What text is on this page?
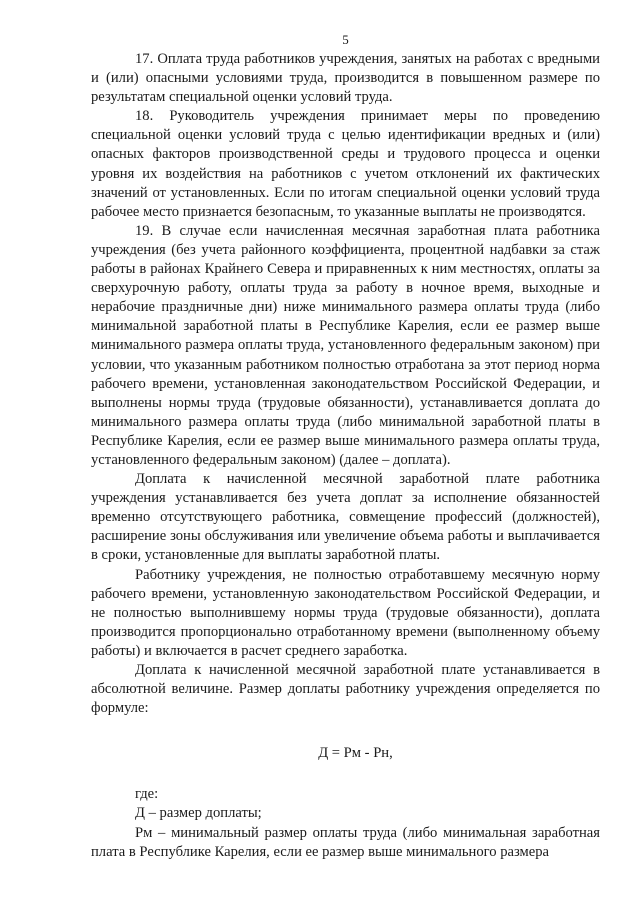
5

17. Оплата труда работников учреждения, занятых на работах с вредными и (или) опасными условиями труда, производится в повышенном размере по результатам специальной оценки условий труда.

18. Руководитель учреждения принимает меры по проведению специальной оценки условий труда с целью идентификации вредных и (или) опасных факторов производственной среды и трудового процесса и оценки уровня их воздействия на работников с учетом отклонений их фактических значений от установленных. Если по итогам специальной оценки условий труда рабочее место признается безопасным, то указанные выплаты не производятся.

19. В случае если начисленная месячная заработная плата работника учреждения (без учета районного коэффициента, процентной надбавки за стаж работы в районах Крайнего Севера и приравненных к ним местностях, оплаты за сверхурочную работу, оплаты труда за работу в ночное время, выходные и нерабочие праздничные дни) ниже минимального размера оплаты труда (либо минимальной заработной платы в Республике Карелия, если ее размер выше минимального размера оплаты труда, установленного федеральным законом) при условии, что указанным работником полностью отработана за этот период норма рабочего времени, установленная законодательством Российской Федерации, и выполнены нормы труда (трудовые обязанности), устанавливается доплата до минимального размера оплаты труда (либо минимальной заработной платы в Республике Карелия, если ее размер выше минимального размера оплаты труда, установленного федеральным законом) (далее – доплата).

Доплата к начисленной месячной заработной плате работника учреждения устанавливается без учета доплат за исполнение обязанностей временно отсутствующего работника, совмещение профессий (должностей), расширение зоны обслуживания или увеличение объема работы и выплачивается в сроки, установленные для выплаты заработной платы.

Работнику учреждения, не полностью отработавшему месячную норму рабочего времени, установленную законодательством Российской Федерации, и не полностью выполнившему нормы труда (трудовые обязанности), доплата производится пропорционально отработанному времени (выполненному объему работы) и включается в расчет среднего заработка.

Доплата к начисленной месячной заработной плате устанавливается в абсолютной величине. Размер доплаты работнику учреждения определяется по формуле:

Д = Рм - Рн,

где:

Д – размер доплаты;

Рм – минимальный размер оплаты труда (либо минимальная заработная плата в Республике Карелия, если ее размер выше минимального размера
